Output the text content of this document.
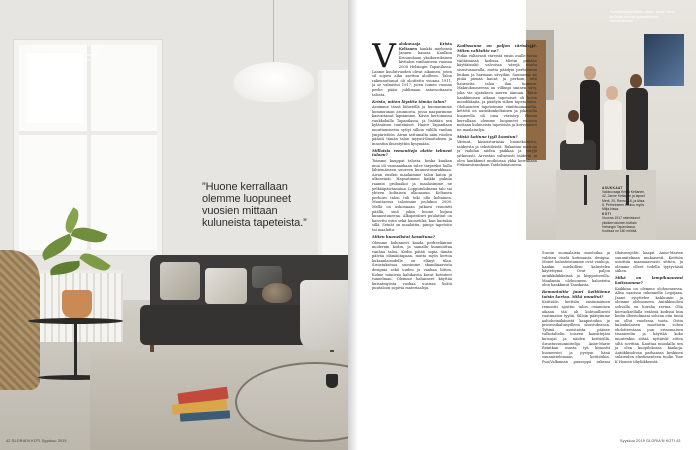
Olohuoneen seinän Krista valitsi Farrow & Ballin aikuin Strong White. Flosin valaisin on elokelmaisia muuna Claesson Koivisto Rune suunnittelema.
”Huone kerrallaan olemme luopuneet vuosien mittaan kuluneista tapeteista.”
42 GLORIA'N KOTI Syyskuu 2019
Perhekuvassa Remu, Alisa, Janne, Merli ja Krista sohvan suunnitelema olohuoneessa.
ASUKKAAT
Valokuvaaja Krista Keltanen, 42, Janne Keltanen ja lapset Merli, 20, Remu, 18, ja Alisa, 8. Perheeseen kuuluu myös Mitja-kissa.
KOTI
Vuonna 1917 valmistunut yksikerroksinen kivitalo Helsingin Tapanilassa. Kodissa on 180 neliötä.

Valokuvaaja Krista Keltanen hankki miehensä Jannen kanssa Kaulkon Kruunuhaan yksikerroksisen kivitalon vanhuuteen vuonna 2008 Helsingin Tapanilassa. Lanme koulutvuoden olivat aikuinen, joten sil sopiva aika asettua aloilleen. Talon rakennuttanut oli aloittettu vuonna 1911, ja se valmistui 1917, joten toinen vuonna perhe pääsi juhlimaan satavuotiaasta talosta.

Krista, miten löysitte tämän talon?

Asuimme tässä lähistöllä ja huomasimme kommuunan asunnosta, jossa naapurimme kasvattanut lapsiamme. Kävin kertomassa vaukkolailla Tapanilassa, ja lisätään sen kylänäisen tuntemiset. Haave Tapanilaan muuttamisesta syttyi silloin välillä vanhaa ympäristöön. Aivan sattumalta näin vuoden päästä tämän talon myynti-ilmoituksen ja innostiin ilmestyttiin kysymään.

Millaisia remontteja olette tehneet taloon?

Toimme kauppat talosta, koska kuukan mua oli varmaankaan tulee tarpeeksi hullu lähtemäiseen suureen kunnostusurakkaan. Aivan ensiksi maalaimme talon katon ja ulkoseinät. Hapsutimme kaikki pukuin raamin grubaakoi ja maalasimme ne pelkääpäivänsaina. Lopputuloksena talo sai yhteen koltaisen ulkoasuun. Keltanen perhorn talon tuli toki ollu koltainen. Muuttaessa taloomme joulukuu 2008. Mellä on uskonnaan jatkava remontti päällä, sinä jokin huone kujasa kunnostuneena. Alkuperäiset puulattiat on kaivettu esiin sekä huonetilat, kun kuitukin sillä. Seinät on maalattiu, pinoja tapetoitu tai maalattu.

Miten huonelistat kosottuna?

Olemme halunneet kauda perheelämme modernin kodin, ja samalla kunnioittaa vanhaa taloa. Kodin pätää sopia tämän päivän elämäntapaan, mutta myös kertoa kukaanlaisudelle on elänyt tilaa. Sisustuksessa suosimme skandinaavista designia sekä uuden ja vanhan liittoa. Kolme toimivaa kalukastia kavat kotiuteet tunnelman. Olemme halunneet käyttää kutsatmyösta ruokaa uusissa lisätä puutaloon sopivia materiaaleja.

Kodissanne on paljon värisävyjä. Miten valitsitte ne?

Pidän valtavasti väreistä ensin osalle tavaa väittämässä kodissa. Mietin pitkään käyttäisiskö valvoissa värejä mutta sisustusnoralla, mutta päädyin perhoxiniin linikan ja harmaan sävyihin. Saumessa ne pitää pienää kaunt, ja perkoin, että hauraeita taloa ilan tunnnia. Makuuhuoneessa on villimpi sininen sävy, joka vie ajatuksen meren äänuun. Talon hankkimisen aikaan tapetoiset oli kovin muodikkaita, ja päädyin siihen tapetointiin. Olohuoneen tapetoimme vänittuomaisella, kettötä on aurinkonkeltainen ja jokaisella huoneella oli oma värisävy. Huone kerrallaan olemme luopuneet vuosien mittaan kuluneista tapeteista ja korvanneet ne maalaiselyn.

Mistä kotinne tyyli koostuu?

Värinsä, käsioisturiasia huonekaluista, taideesta ja tekstiileistä. Rakastan mattoja ja vaihdan niiden paikkaa ja säryjä jatkuvasti. Arvostan valtavasti taidetta ja olen hankkinut mutkiosaa ykkä kerrallaan Frikinesitrankaan Taidelainausesta.

Suosin suomalaista muotoilua ja valitsen itselä kotimaista designa. Monet kalusteistamme ovat vanhoja, hankin mieluilleni kalustelea käytettyinä. Ovat paljon antiikkiliikkeissä ja kirppatoreilla. Maalamia olohuoneen kalusteita olen hankkinut Tanskasta.

Remontoitte juuri keittiönne toisin kertaa. Mikä muuttui?

Keittiöön keittiön ensimmäinen remontti ajoittui talon ostamisen aikaan tää oli kohtuullisesti vaatimaton tyyliä. Silloin päätyimme aaltoheinäkänistä kaapistoihin ja prosessikaluisyilleen sisustuksessa. Tyhmä aseistaista pääsee valkotaltelin toiseen kaasittejäni kutsujat ja näiden keittiöillä. Sisustussuunnittelija Anne-Marie Reintkan osasta tyä kiinostti huoneesiei ja pystyin hänä suunnittelemaan keittiöihin. Puu/Valkaman puuseppä rakensi tilaisuusjeliti kaapit Anne-Marien suunnitelman mukaisesti. Keittiön uusittiin maamaasvasti sittien, ja olemme olleet todella tyytyväisiä siihen.

Mikä on lempihuoneesi kotissamme?

Kaikkina on olemme olohuoneessa. Alisa saarissa rakennella Legojaan, Janne sytyttelee kakluunin ja olemme olohuoneen. Antiikkisohva sohvalla on huraha ravina. Olin korvaoksellalla eräässä kodissa kun kodin ilbustolimani sohvan otin tässä on ollut vuodessa tuota. Ostin kulonkelaisen moottorin sohva ehdotteestaan pun erinomaisen tisanneelin ja käyttää koko muutenkin sittää nyttäivät sitten siltä sovittaa. Kauttaa muodalla sen ja olen kuopilokossa kankoja. Antiikkisohvan parhaassa keskinen sulateiden elastimenteen tuolin Tine K Homen tihyliikkeestä.

Syyskuu 2019 GLORIA'N KOTI 43
